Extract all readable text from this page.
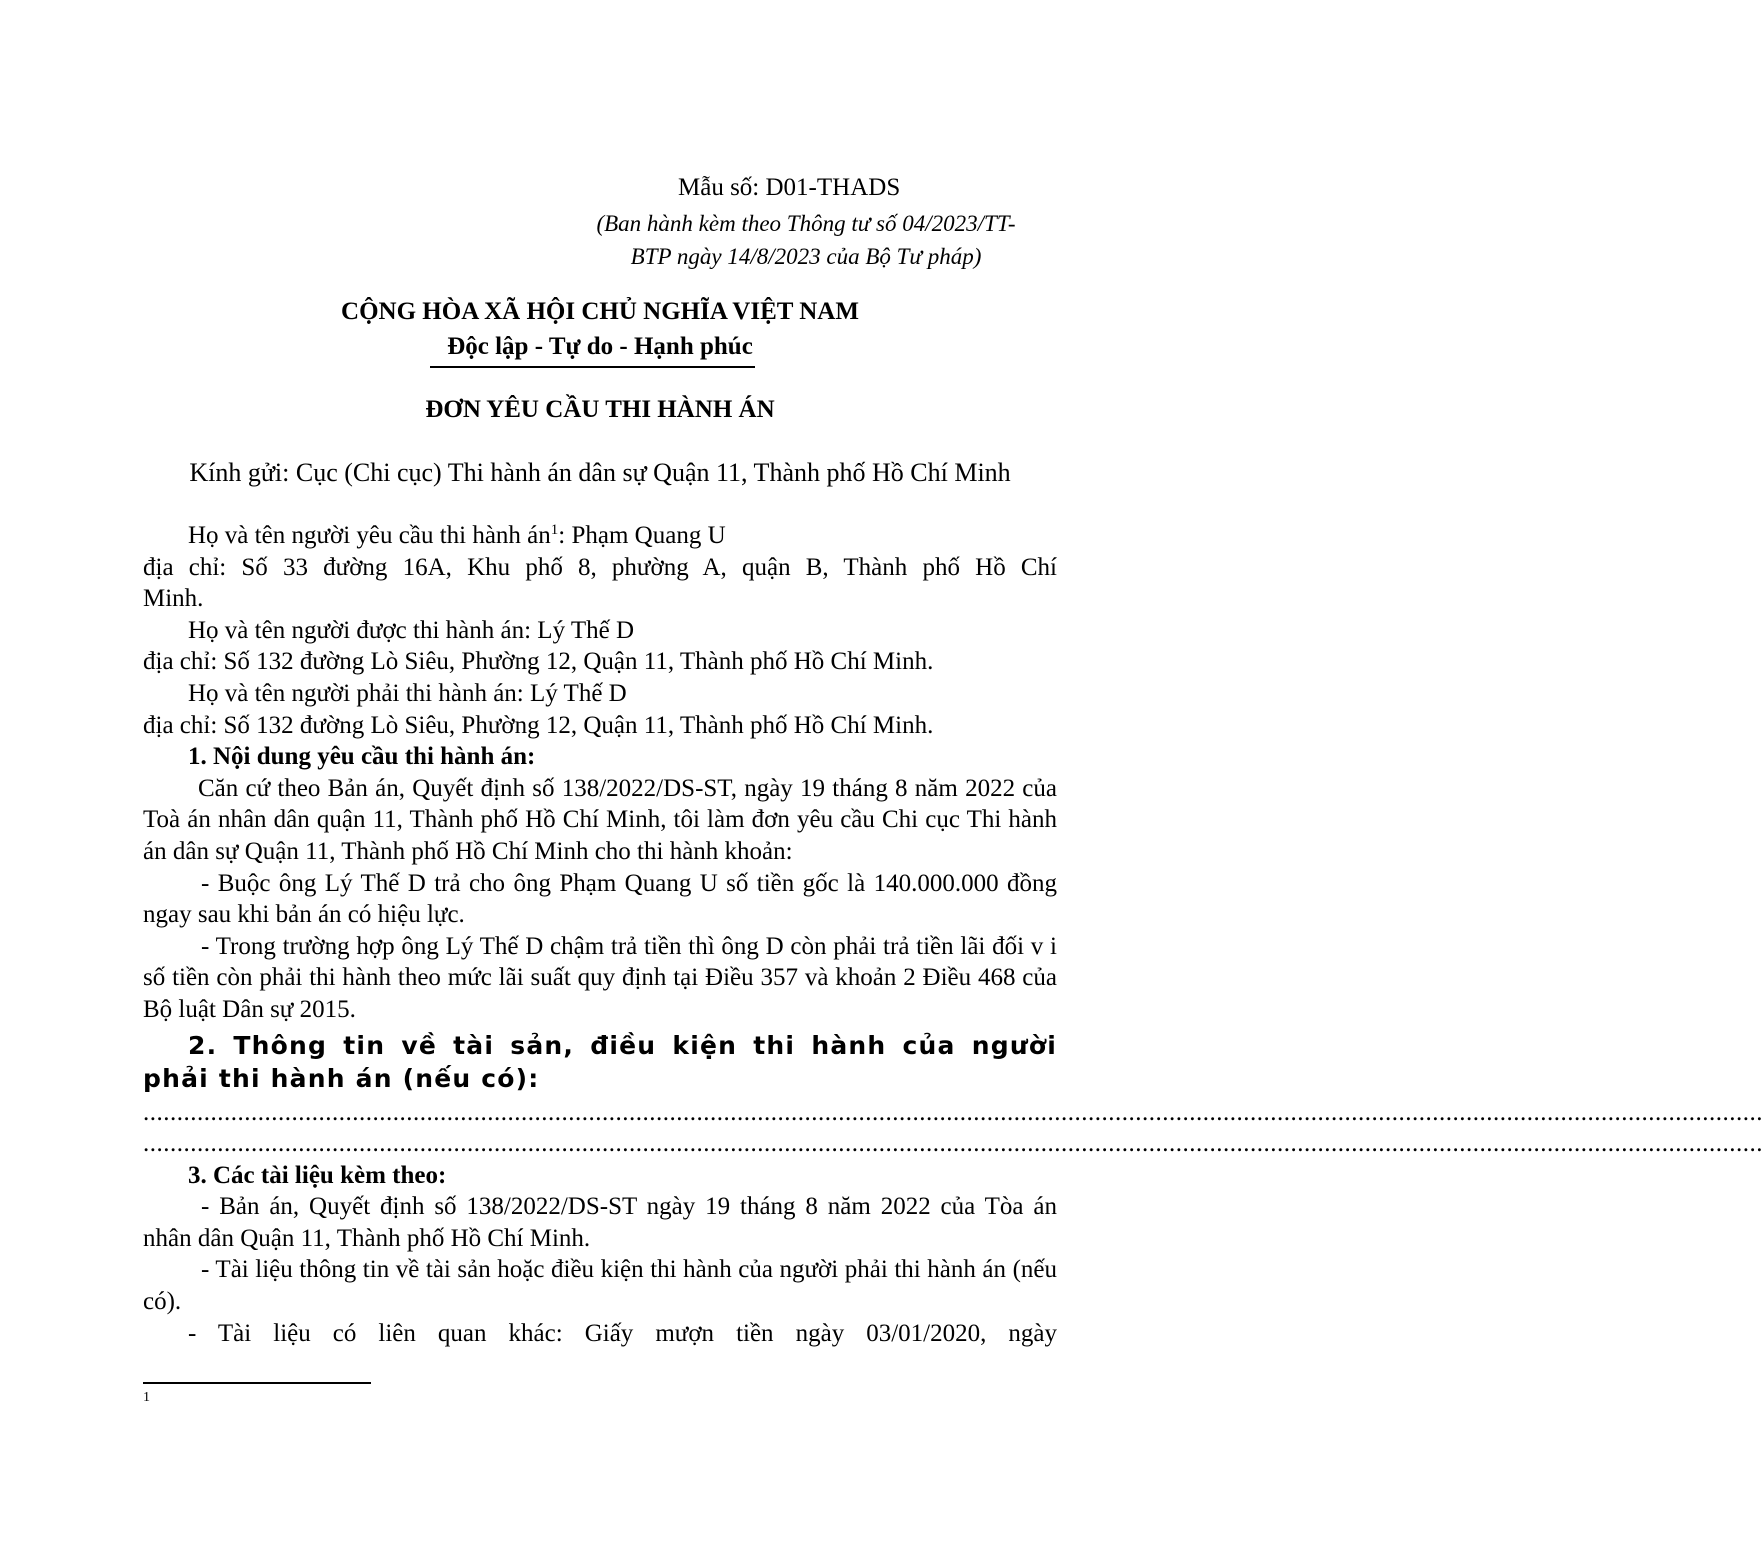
Mẫu số: D01-THADS
(Ban hành kèm theo Thông tư số 04/2023/TT-BTP ngày 14/8/2023 của Bộ Tư pháp)
CỘNG HÒA XÃ HỘI CHỦ NGHĨA VIỆT NAM
Độc lập - Tự do - Hạnh phúc
ĐƠN YÊU CẦU THI HÀNH ÁN
Kính gửi: Cục (Chi cục) Thi hành án dân sự Quận 11, Thành phố Hồ Chí Minh

Họ và tên người yêu cầu thi hành $án^1$: Phạm Quang U

địa chỉ: Số 33 đường 16A, Khu phố 8, phường A, quận B, Thành phố Hồ Chí

Minh.

Họ và tên người được thi hành án: Lý Thế D

địa chỉ: Số 132 đường Lò Siêu, Phường 12, Quận 11, Thành phố Hồ Chí Minh.

Họ và tên người phải thi hành án: Lý Thế D

địa chỉ: Số 132 đường Lò Siêu, Phường 12, Quận 11, Thành phố Hồ Chí Minh.

1. Nội dung yêu cầu thi hành án:

Căn cứ theo Bản án, Quyết định số 138/2022/DS-ST, ngày 19 tháng 8 năm 2022 của Toà án nhân dân quận 11, Thành phố Hồ Chí Minh, tôi làm đơn yêu cầu Chi cục Thi hành án dân sự Quận 11, Thành phố Hồ Chí Minh cho thi hành khoản:

- Buộc ông Lý Thế D trả cho ông Phạm Quang U số tiền gốc là 140.000.000 đồng ngay sau khi bản án có hiệu lực.

- Trong trường hợp ông Lý Thế D chậm trả tiền thì ông D còn phải trả tiền lãi đối v i số tiền còn phải thi hành theo mức lãi suất quy định tại Điều 357 và khoản 2 Điều 468 của Bộ luật Dân sự 2015.

2. Thông tin về tài sản, điều kiện thi hành của người phải thi hành án (nếu có):

................................................................................................................................................................................................................................................

................................................................................................................................................................................................................................................

3. Các tài liệu kèm theo:

- Bản án, Quyết định số 138/2022/DS-ST ngày 19 tháng 8 năm 2022 của Tòa án nhân dân Quận 11, Thành phố Hồ Chí Minh.

- Tài liệu thông tin về tài sản hoặc điều kiện thi hành của người phải thi hành án (nếu có).

- Tài liệu có liên quan khác: Giấy mượn tiền ngày 03/01/2020, ngày

1
